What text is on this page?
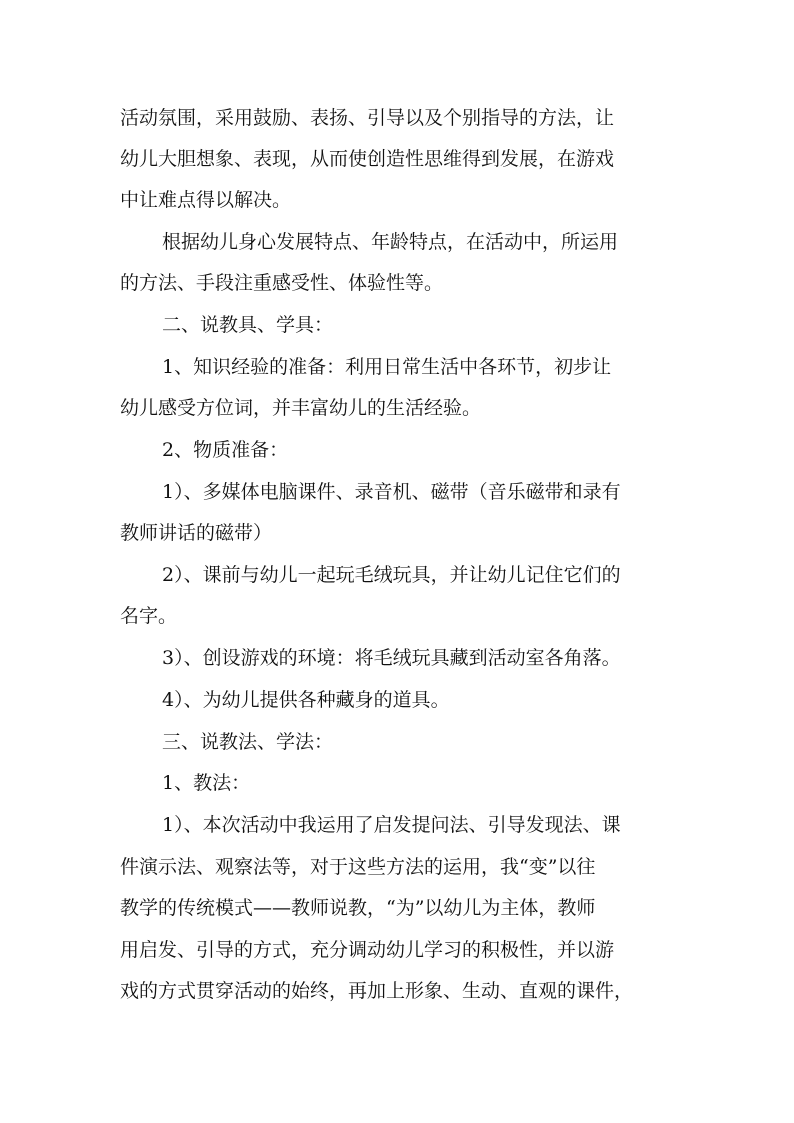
活动氛围，采用鼓励、表扬、引导以及个别指导的方法，让
幼儿大胆想象、表现，从而使创造性思维得到发展，在游戏
中让难点得以解决。
根据幼儿身心发展特点、年龄特点，在活动中，所运用
的方法、手段注重感受性、体验性等。
二、说教具、学具：
1、知识经验的准备：利用日常生活中各环节，初步让
幼儿感受方位词，并丰富幼儿的生活经验。
2、物质准备：
1）、多媒体电脑课件、录音机、磁带（音乐磁带和录有
教师讲话的磁带）
2）、课前与幼儿一起玩毛绒玩具，并让幼儿记住它们的
名字。
3）、创设游戏的环境：将毛绒玩具藏到活动室各角落。
4）、为幼儿提供各种藏身的道具。
三、说教法、学法：
1、教法：
1）、本次活动中我运用了启发提问法、引导发现法、课
件演示法、观察法等，对于这些方法的运用，我“变”以往
教学的传统模式——教师说教，“为”以幼儿为主体，教师
用启发、引导的方式，充分调动幼儿学习的积极性，并以游
戏的方式贯穿活动的始终，再加上形象、生动、直观的课件，
